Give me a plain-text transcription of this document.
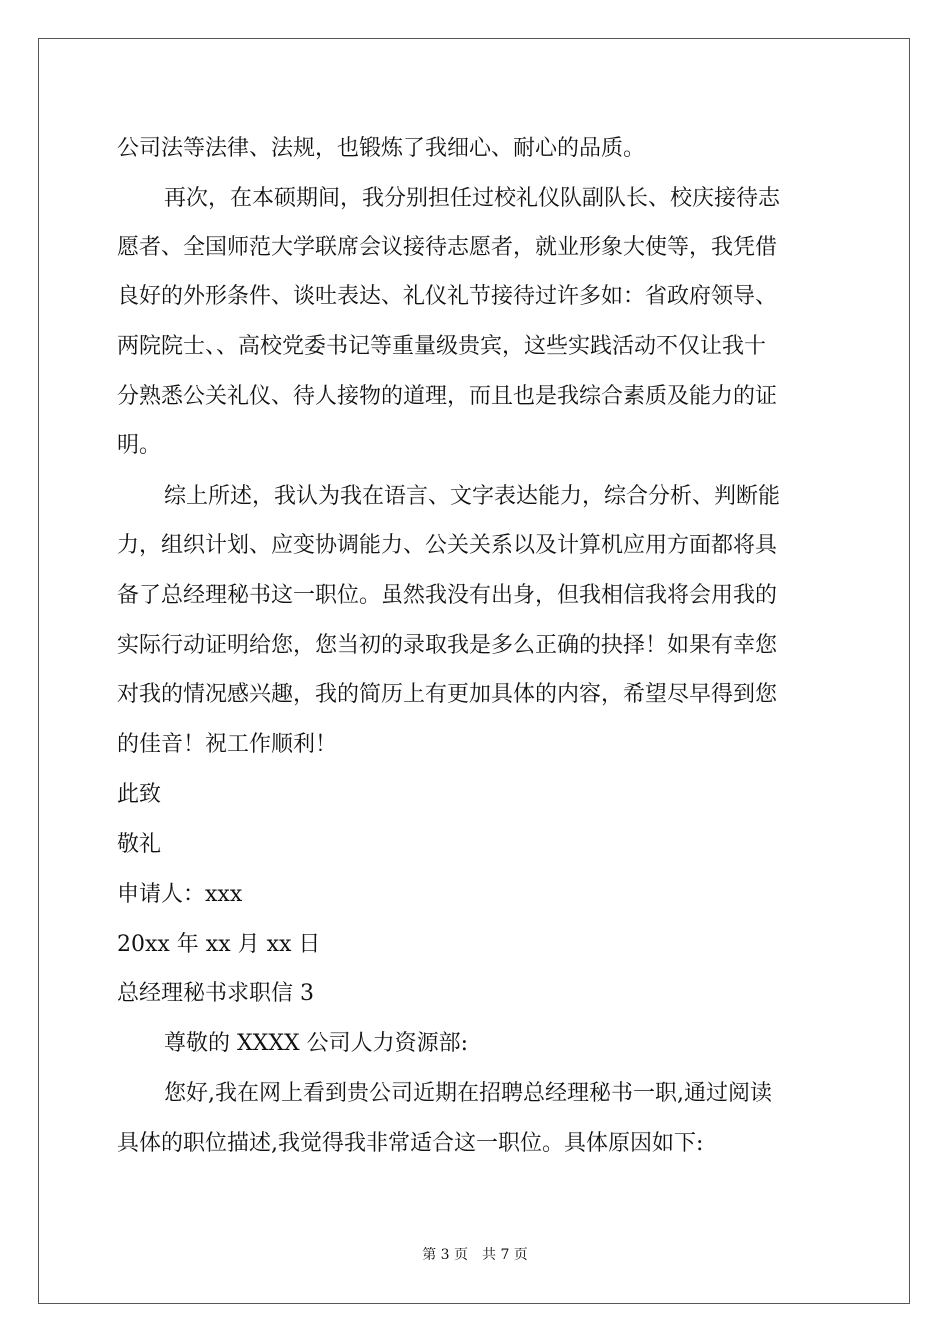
公司法等法律、法规，也锻炼了我细心、耐心的品质。
再次，在本硕期间，我分别担任过校礼仪队副队长、校庆接待志
愿者、全国师范大学联席会议接待志愿者，就业形象大使等，我凭借
良好的外形条件、谈吐表达、礼仪礼节接待过许多如：省政府领导、
两院院士、、高校党委书记等重量级贵宾，这些实践活动不仅让我十
分熟悉公关礼仪、待人接物的道理，而且也是我综合素质及能力的证
明。
综上所述，我认为我在语言、文字表达能力，综合分析、判断能
力，组织计划、应变协调能力、公关关系以及计算机应用方面都将具
备了总经理秘书这一职位。虽然我没有出身，但我相信我将会用我的
实际行动证明给您，您当初的录取我是多么正确的抉择！如果有幸您
对我的情况感兴趣，我的简历上有更加具体的内容，希望尽早得到您
的佳音！祝工作顺利！
此致
敬礼
申请人：xxx
20xx 年 xx 月 xx 日
总经理秘书求职信 3
尊敬的 XXXX 公司人力资源部:
您好,我在网上看到贵公司近期在招聘总经理秘书一职,通过阅读
具体的职位描述,我觉得我非常适合这一职位。具体原因如下:
第 3 页 共 7 页
